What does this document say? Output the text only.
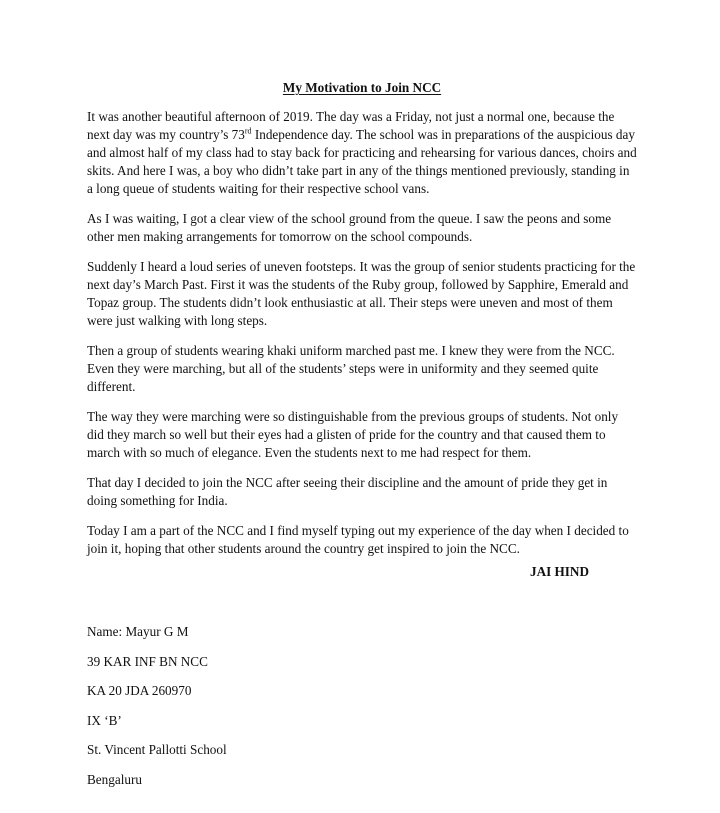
My Motivation to Join NCC

It was another beautiful afternoon of 2019. The day was a Friday, not just a normal one, because the next day was my country’s 73rd Independence day. The school was in preparations of the auspicious day and almost half of my class had to stay back for practicing and rehearsing for various dances, choirs and skits. And here I was, a boy who didn’t take part in any of the things mentioned previously, standing in a long queue of students waiting for their respective school vans.

As I was waiting, I got a clear view of the school ground from the queue. I saw the peons and some other men making arrangements for tomorrow on the school compounds.

Suddenly I heard a loud series of uneven footsteps. It was the group of senior students practicing for the next day’s March Past. First it was the students of the Ruby group, followed by Sapphire, Emerald and Topaz group. The students didn’t look enthusiastic at all. Their steps were uneven and most of them were just walking with long steps.

Then a group of students wearing khaki uniform marched past me. I knew they were from the NCC. Even they were marching, but all of the students’ steps were in uniformity and they seemed quite different.

The way they were marching were so distinguishable from the previous groups of students. Not only did they march so well but their eyes had a glisten of pride for the country and that caused them to march with so much of elegance. Even the students next to me had respect for them.

That day I decided to join the NCC after seeing their discipline and the amount of pride they get in doing something for India.

Today I am a part of the NCC and I find myself typing out my experience of the day when I decided to join it, hoping that other students around the country get inspired to join the NCC.

JAI HIND

Name: Mayur G M
39 KAR INF BN NCC
KA 20 JDA 260970
IX ‘B’
St. Vincent Pallotti School
Bengaluru
